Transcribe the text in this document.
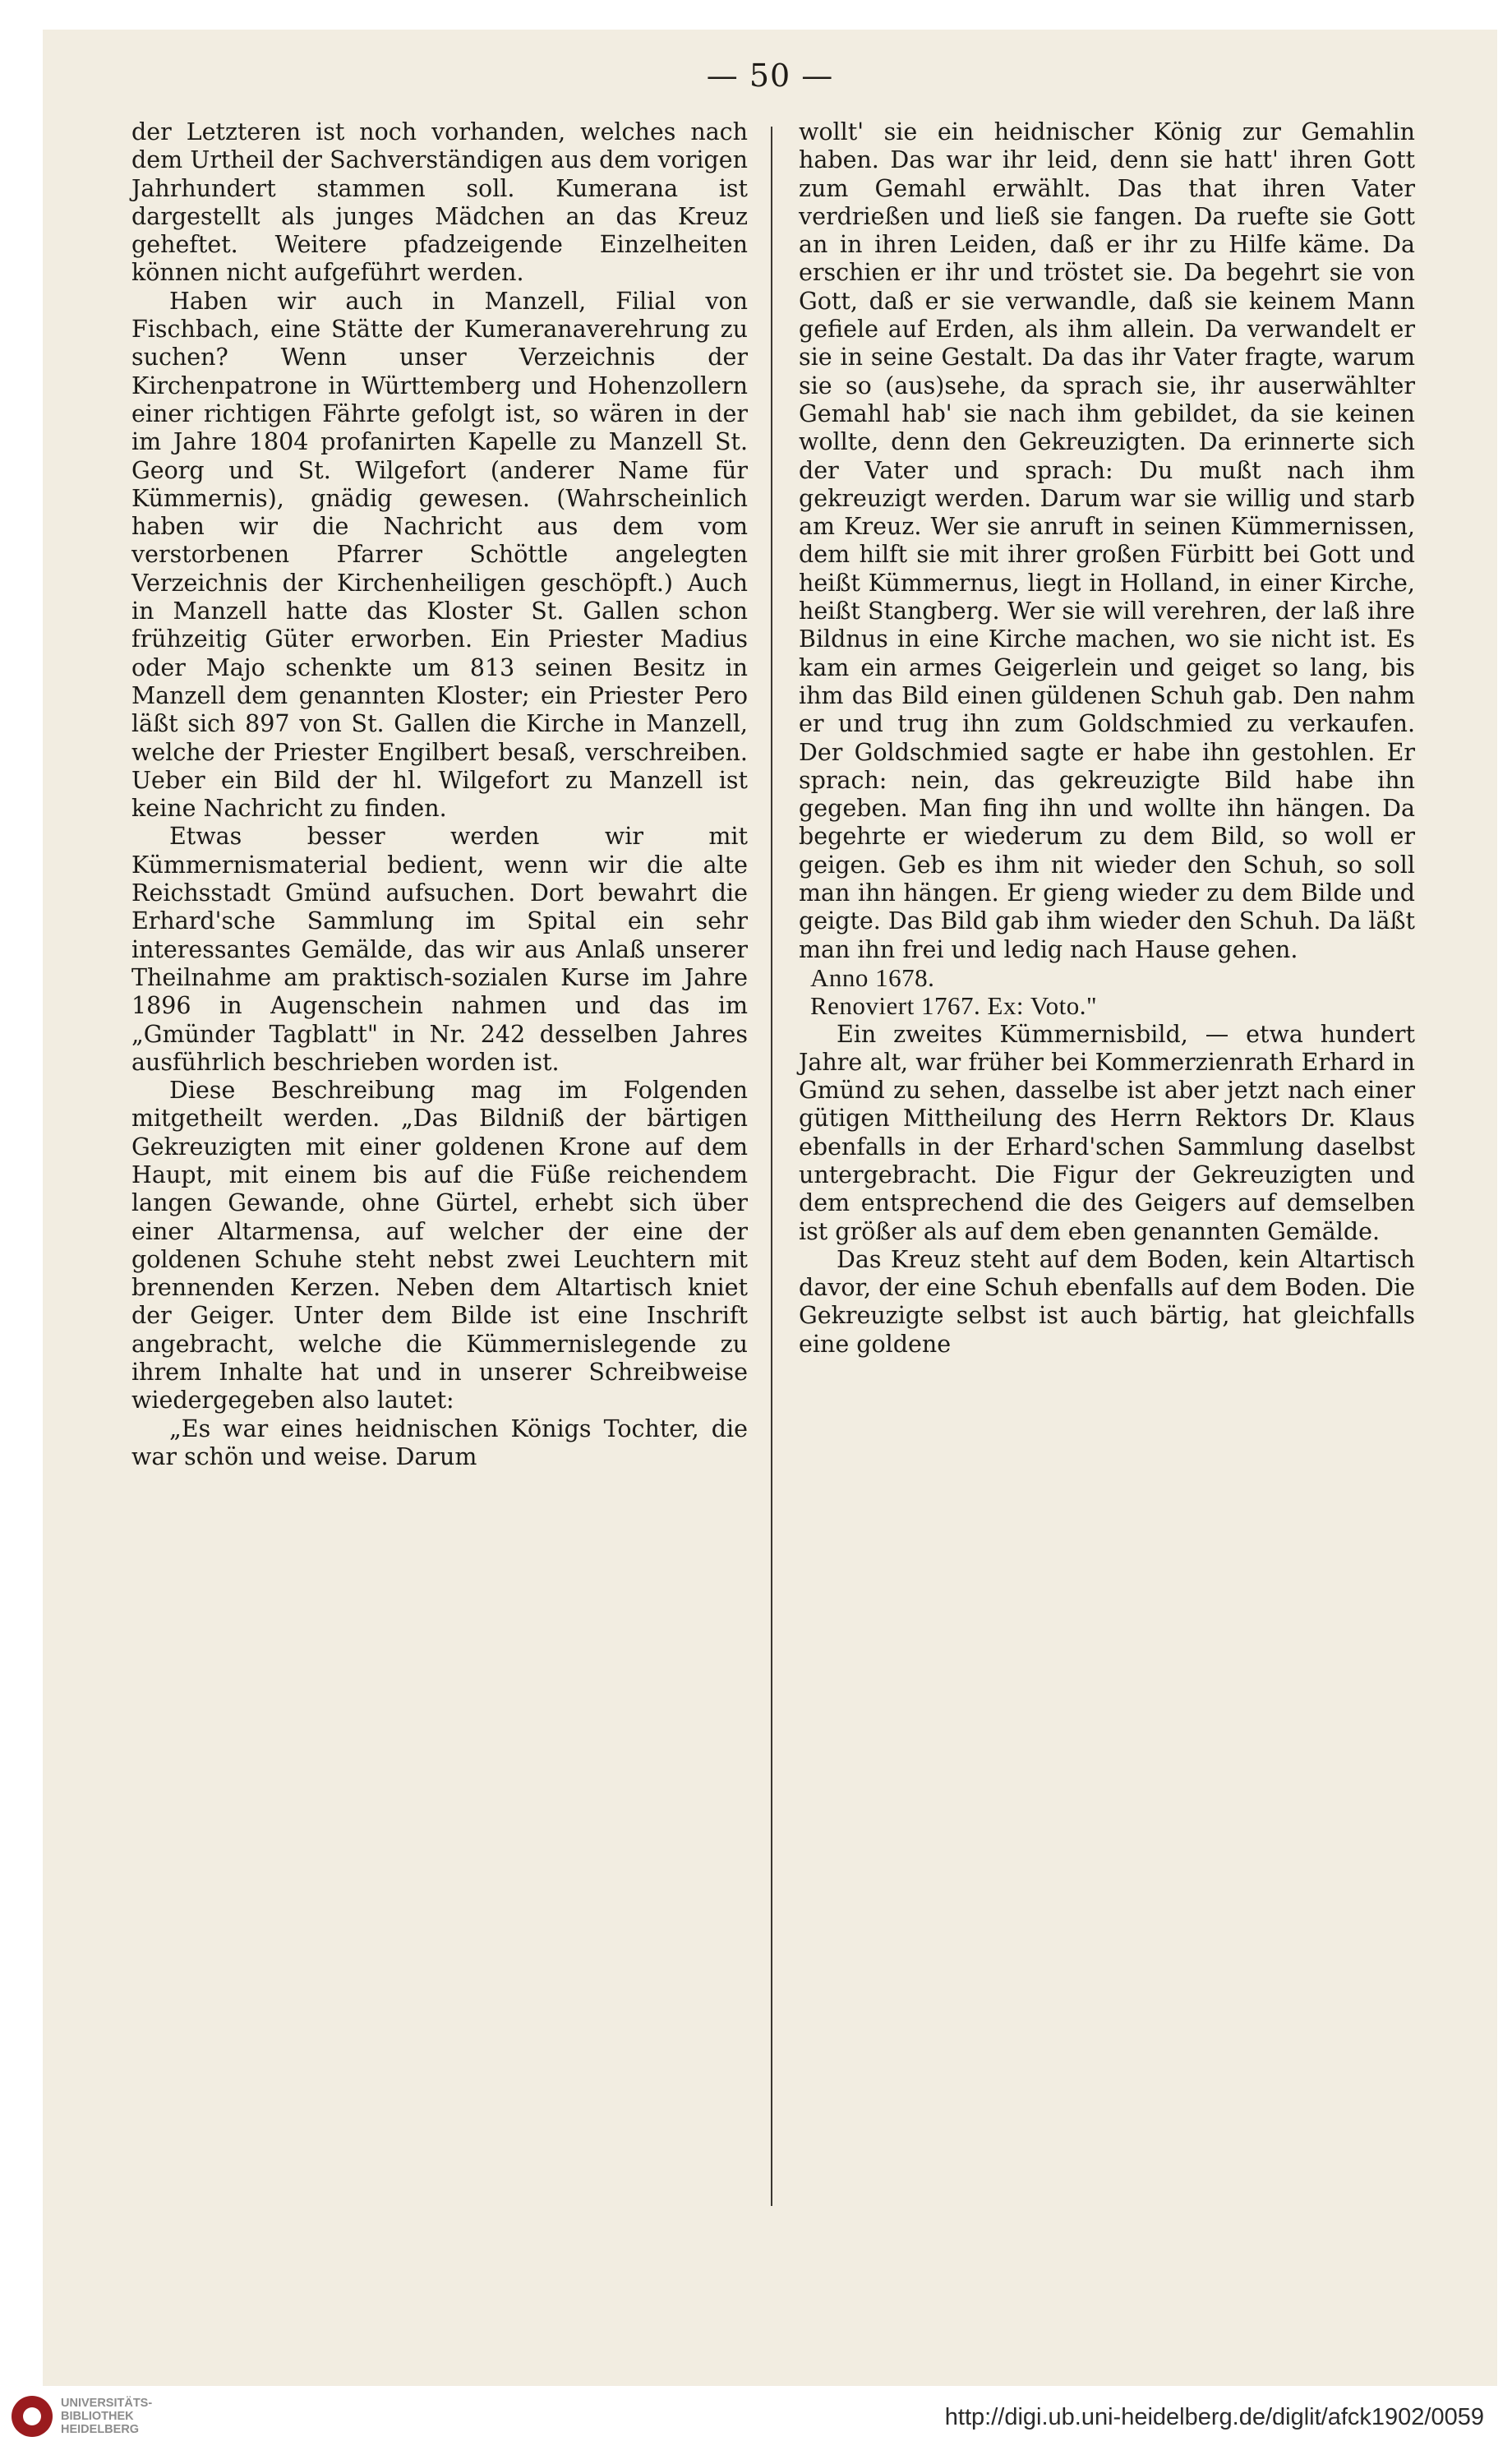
— 50 —

der Letzteren ist noch vorhanden, welches nach dem Urtheil der Sachverständigen aus dem vorigen Jahrhundert stammen soll. Kumerana ist dargestellt als junges Mädchen an das Kreuz geheftet. Weitere pfadzeigende Einzelheiten können nicht aufgeführt werden.

Haben wir auch in Manzell, Filial von Fischbach, eine Stätte der Kumeranaverehrung zu suchen? Wenn unser Verzeichnis der Kirchenpatrone in Württemberg und Hohenzollern einer richtigen Fährte gefolgt ist, so wären in der im Jahre 1804 profanirten Kapelle zu Manzell St. Georg und St. Wilgefort (anderer Name für Kümmernis), gnädig gewesen. (Wahrscheinlich haben wir die Nachricht aus dem vom verstorbenen Pfarrer Schöttle angelegten Verzeichnis der Kirchenheiligen geschöpft.) Auch in Manzell hatte das Kloster St. Gallen schon frühzeitig Güter erworben. Ein Priester Madius oder Majo schenkte um 813 seinen Besitz in Manzell dem genannten Kloster; ein Priester Pero läßt sich 897 von St. Gallen die Kirche in Manzell, welche der Priester Engilbert besaß, verschreiben. Ueber ein Bild der hl. Wilgefort zu Manzell ist keine Nachricht zu finden.

Etwas besser werden wir mit Kümmernismaterial bedient, wenn wir die alte Reichsstadt Gmünd aufsuchen. Dort bewahrt die Erhard'sche Sammlung im Spital ein sehr interessantes Gemälde, das wir aus Anlaß unserer Theilnahme am praktisch-sozialen Kurse im Jahre 1896 in Augenschein nahmen und das im „Gmünder Tagblatt" in Nr. 242 desselben Jahres ausführlich beschrieben worden ist.

Diese Beschreibung mag im Folgenden mitgetheilt werden. „Das Bildniß der bärtigen Gekreuzigten mit einer goldenen Krone auf dem Haupt, mit einem bis auf die Füße reichendem langen Gewande, ohne Gürtel, erhebt sich über einer Altarmensa, auf welcher der eine der goldenen Schuhe steht nebst zwei Leuchtern mit brennenden Kerzen. Neben dem Altartisch kniet der Geiger. Unter dem Bilde ist eine Inschrift angebracht, welche die Kümmernislegende zu ihrem Inhalte hat und in unserer Schreibweise wiedergegeben also lautet:

„Es war eines heidnischen Königs Tochter, die war schön und weise. Darum

wollt' sie ein heidnischer König zur Gemahlin haben. Das war ihr leid, denn sie hatt' ihren Gott zum Gemahl erwählt. Das that ihren Vater verdrießen und ließ sie fangen. Da ruefte sie Gott an in ihren Leiden, daß er ihr zu Hilfe käme. Da erschien er ihr und tröstet sie. Da begehrt sie von Gott, daß er sie verwandle, daß sie keinem Mann gefiele auf Erden, als ihm allein. Da verwandelt er sie in seine Gestalt. Da das ihr Vater fragte, warum sie so (aus)sehe, da sprach sie, ihr auserwählter Gemahl hab' sie nach ihm gebildet, da sie keinen wollte, denn den Gekreuzigten. Da erinnerte sich der Vater und sprach: Du mußt nach ihm gekreuzigt werden. Darum war sie willig und starb am Kreuz. Wer sie anruft in seinen Kümmernissen, dem hilft sie mit ihrer großen Fürbitt bei Gott und heißt Kümmernus, liegt in Holland, in einer Kirche, heißt Stangberg. Wer sie will verehren, der laß ihre Bildnus in eine Kirche machen, wo sie nicht ist. Es kam ein armes Geigerlein und geiget so lang, bis ihm das Bild einen güldenen Schuh gab. Den nahm er und trug ihn zum Goldschmied zu verkaufen. Der Goldschmied sagte er habe ihn gestohlen. Er sprach: nein, das gekreuzigte Bild habe ihn gegeben. Man fing ihn und wollte ihn hängen. Da begehrte er wiederum zu dem Bild, so woll er geigen. Geb es ihm nit wieder den Schuh, so soll man ihn hängen. Er gieng wieder zu dem Bilde und geigte. Das Bild gab ihm wieder den Schuh. Da läßt man ihn frei und ledig nach Hause gehen.

Anno 1678.

Renoviert 1767. Ex: Voto."

Ein zweites Kümmernisbild, — etwa hundert Jahre alt, war früher bei Kommerzienrath Erhard in Gmünd zu sehen, dasselbe ist aber jetzt nach einer gütigen Mittheilung des Herrn Rektors Dr. Klaus ebenfalls in der Erhard'schen Sammlung daselbst untergebracht. Die Figur der Gekreuzigten und dem entsprechend die des Geigers auf demselben ist größer als auf dem eben genannten Gemälde.

Das Kreuz steht auf dem Boden, kein Altartisch davor, der eine Schuh ebenfalls auf dem Boden. Die Gekreuzigte selbst ist auch bärtig, hat gleichfalls eine goldene

UNIVERSITÄTS-
BIBLIOTHEK
HEIDELBERG	http://digi.ub.uni-heidelberg.de/diglit/afck1902/0059
